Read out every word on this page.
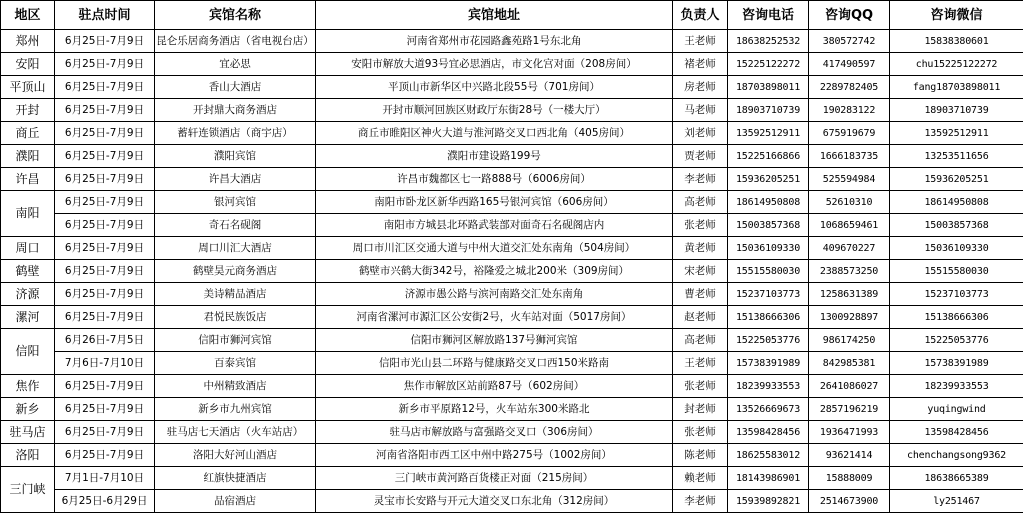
地区	驻点时间	宾馆名称	宾馆地址	负责人	咨询电话	咨询QQ	咨询微信
郑州	6月25日-7月9日	昆仑乐居商务酒店（省电视台店）	河南省郑州市花园路鑫苑路1号东北角	王老师	18638252532	380572742	15838380601
安阳	6月25日-7月9日	宜必思	安阳市解放大道93号宜必思酒店，市文化宫对面（208房间）	褚老师	15225122272	417490597	chu15225122272
平顶山	6月25日-7月9日	香山大酒店	平顶山市新华区中兴路北段55号（701房间）	房老师	18703898011	2289782405	fang18703898011
开封	6月25日-7月9日	开封鼎大商务酒店	开封市顺河回族区财政厅东街28号（一楼大厅）	马老师	18903710739	190283122	18903710739
商丘	6月25日-7月9日	蓄轩连锁酒店（商宇店）	商丘市睢阳区神火大道与淮河路交叉口西北角（405房间）	刘老师	13592512911	675919679	13592512911
濮阳	6月25日-7月9日	濮阳宾馆	濮阳市建设路199号	贾老师	15225166866	1666183735	13253511656
许昌	6月25日-7月9日	许昌大酒店	许昌市魏都区七一路888号（6006房间）	李老师	15936205251	525594984	15936205251
南阳	6月25日-7月9日	银河宾馆	南阳市卧龙区新华西路165号银河宾馆（606房间）	高老师	18614950808	52610310	18614950808
	6月25日-7月9日	奇石名砚阁	南阳市方城县北环路武装部对面奇石名砚阁店内	张老师	15003857368	1068659461	15003857368
周口	6月25日-7月9日	周口川汇大酒店	周口市川汇区交通大道与中州大道交汇处东南角（504房间）	黄老师	15036109330	409670227	15036109330
鹤壁	6月25日-7月9日	鹤壁昊元商务酒店	鹤壁市兴鹤大街342号，裕隆爱之城北200米（309房间）	宋老师	15515580030	2388573250	15515580030
济源	6月25日-7月9日	美诗精品酒店	济源市愚公路与滨河南路交汇处东南角	曹老师	15237103773	1258631389	15237103773
漯河	6月25日-7月9日	君悦民族饭店	河南省漯河市源汇区公安街2号，火车站对面（5017房间）	赵老师	15138666306	1300928897	15138666306
信阳	6月26日-7月5日	信阳市狮河宾馆	信阳市狮河区解放路137号狮河宾馆	高老师	15225053776	986174250	15225053776
	7月6日-7月10日	百泰宾馆	信阳市光山县二环路与健康路交叉口西150米路南	王老师	15738391989	842985381	15738391989
焦作	6月25日-7月9日	中州精致酒店	焦作市解放区站前路87号（602房间）	张老师	18239933553	2641086027	18239933553
新乡	6月25日-7月9日	新乡市九州宾馆	新乡市平原路12号，火车站东300米路北	封老师	13526669673	2857196219	yuqingwind
驻马店	6月25日-7月9日	驻马店七天酒店（火车站店）	驻马店市解放路与富强路交叉口（306房间）	张老师	13598428456	1936471993	13598428456
洛阳	6月25日-7月9日	洛阳大好河山酒店	河南省洛阳市西工区中州中路275号（1002房间）	陈老师	18625583012	93621414	chenchangsong9362
三门峡	7月1日-7月10日	红旗快捷酒店	三门峡市黄河路百货楼正对面（215房间）	赖老师	18143986901	15888009	18638665389
	6月25日-6月29日	品宿酒店	灵宝市长安路与开元大道交叉口东北角（312房间）	李老师	15939892821	2514673900	ly251467
